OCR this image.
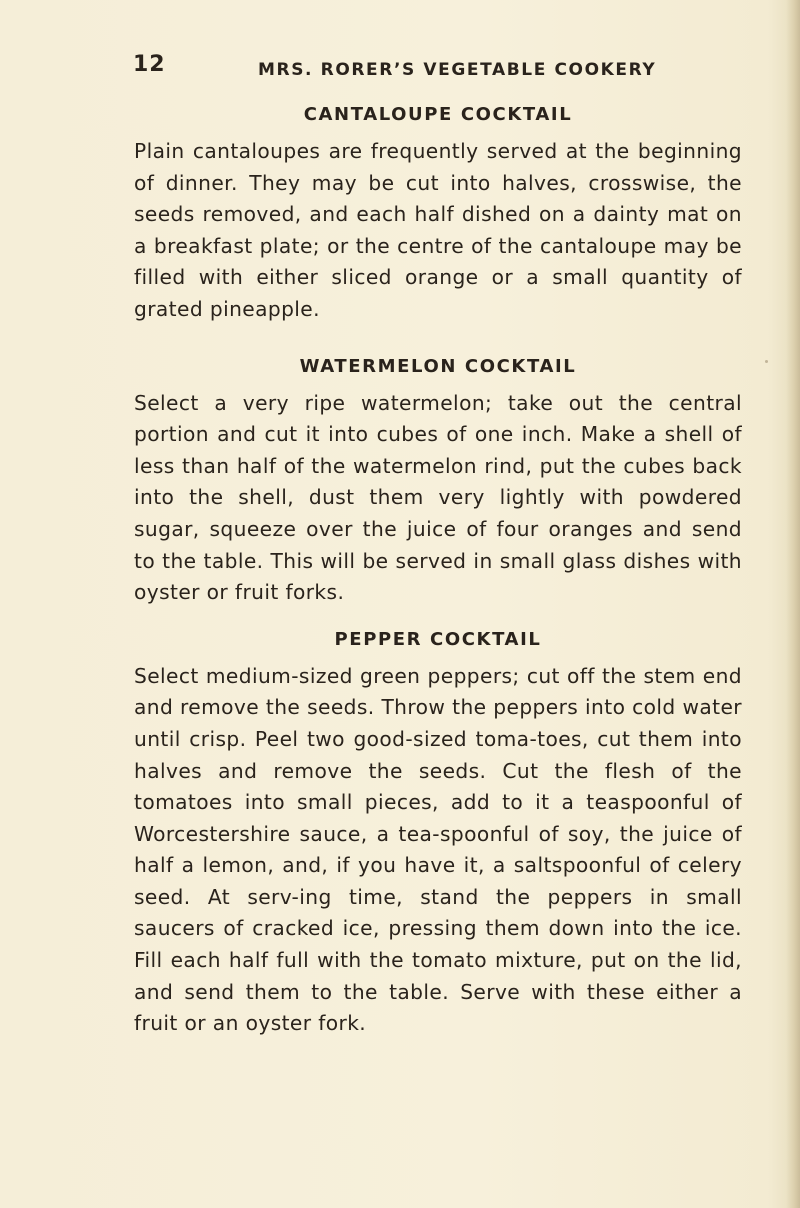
12	MRS. RORER’S VEGETABLE COOKERY
CANTALOUPE COCKTAIL

Plain cantaloupes are frequently served at the beginning of dinner. They may be cut into halves, crosswise, the seeds removed, and each half dished on a dainty mat on a breakfast plate; or the centre of the cantaloupe may be filled with either sliced orange or a small quantity of grated pineapple.

WATERMELON COCKTAIL

Select a very ripe watermelon; take out the central portion and cut it into cubes of one inch. Make a shell of less than half of the watermelon rind, put the cubes back into the shell, dust them very lightly with powdered sugar, squeeze over the juice of four oranges and send to the table. This will be served in small glass dishes with oyster or fruit forks.

PEPPER COCKTAIL

Select medium-sized green peppers; cut off the stem end and remove the seeds. Throw the peppers into cold water until crisp. Peel two good-sized toma-toes, cut them into halves and remove the seeds. Cut the flesh of the tomatoes into small pieces, add to it a teaspoonful of Worcestershire sauce, a tea-spoonful of soy, the juice of half a lemon, and, if you have it, a saltspoonful of celery seed. At serv-ing time, stand the peppers in small saucers of cracked ice, pressing them down into the ice. Fill each half full with the tomato mixture, put on the lid, and send them to the table. Serve with these either a fruit or an oyster fork.
